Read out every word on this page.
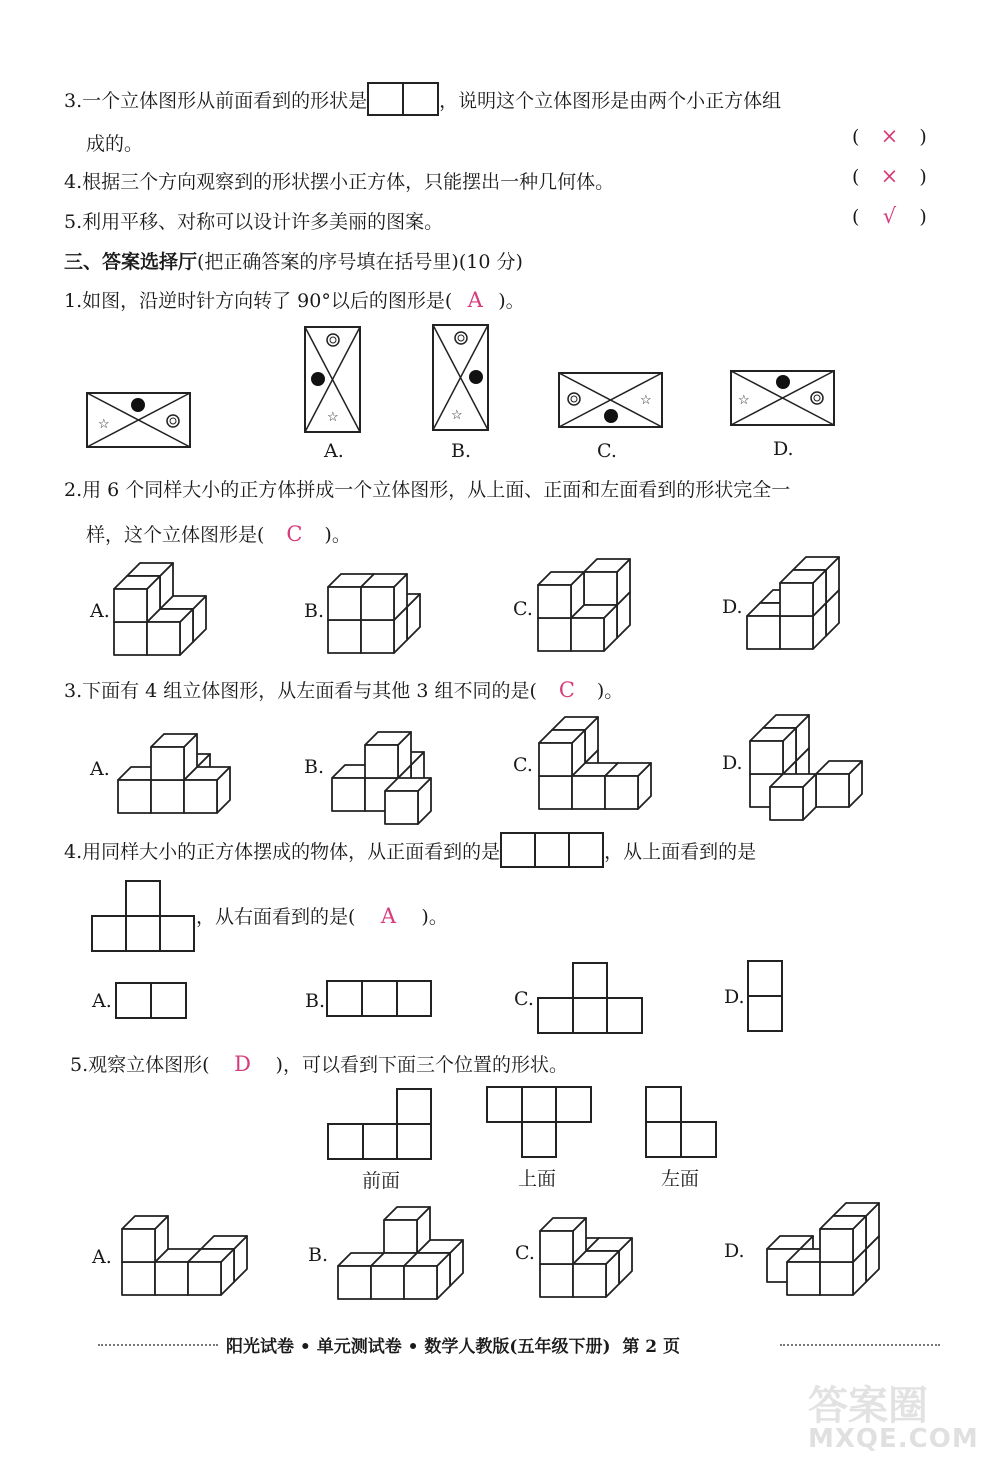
3.一个立体图形从前面看到的形状是	，说明这个立体图形是由两个小正方体组
成的。	( × )
4.根据三个方向观察到的形状摆小正方体，只能摆出一种几何体。	( × )
5.利用平移、对称可以设计许多美丽的图案。	( √ )
三、答案选择厅(把正确答案的序号填在括号里)(10 分)
1.如图，沿逆时针方向转了 90°以后的图形是( A )。
☆	☆
A.
☆
B.
☆
C.
☆
D.
2.用 6 个同样大小的正方体拼成一个立体图形，从上面、正面和左面看到的形状完全一
样，这个立体图形是( C )。
A.	B.	C.	D.
3.下面有 4 组立体图形，从左面看与其他 3 组不同的是( C )。
A.	B.	C.	D.
4.用同样大小的正方体摆成的物体，从正面看到的是	，从上面看到的是
，从右面看到的是( A )。
A.	B.	C.	D.
5.观察立体图形( D )，可以看到下面三个位置的形状。
前面	上面	左面
A.	B.	C.	D.
阳光试卷 • 单元测试卷 • 数学人教版(五年级下册) 第 2 页
答案圈
MXQE.COM
